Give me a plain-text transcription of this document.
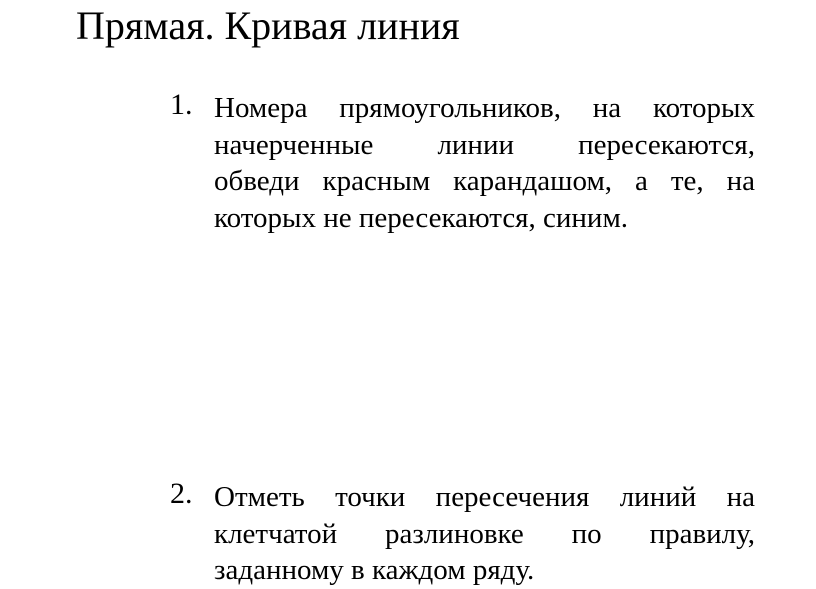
Прямая. Кривая линия
1. Номера прямоугольников, на которых
начерченные линии пересекаются,
обведи красным карандашом, а те, на
которых не пересекаются, синим.
2. Отметь точки пересечения линий на
клетчатой разлиновке по правилу,
заданному в каждом ряду.
